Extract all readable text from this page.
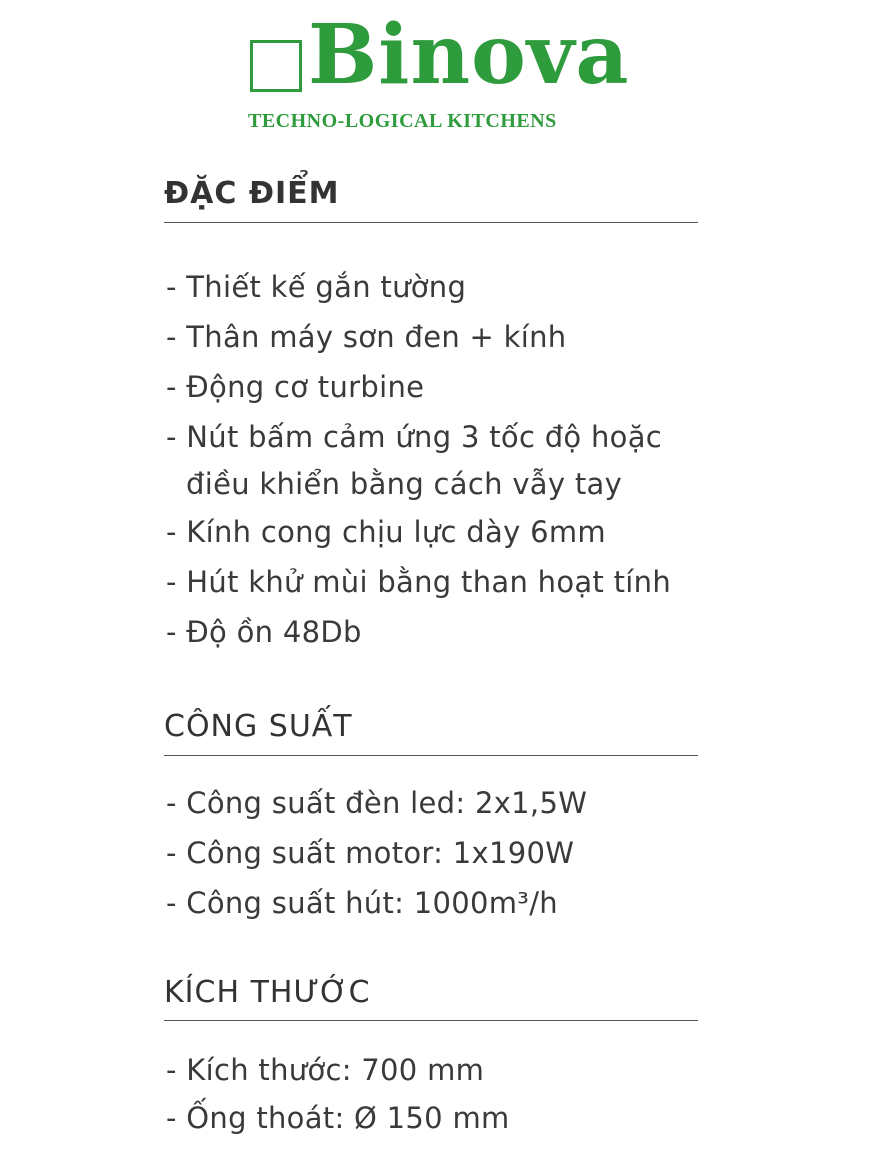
Binova
TECHNO-LOGICAL KITCHENS
ĐẶC ĐIỂM
- Thiết kế gắn tường
- Thân máy sơn đen + kính
- Động cơ turbine
- Nút bấm cảm ứng 3 tốc độ hoặc
điều khiển bằng cách vẫy tay
- Kính cong chịu lực dày 6mm
- Hút khử mùi bằng than hoạt tính
- Độ ồn 48Db
CÔNG SUẤT
- Công suất đèn led: 2x1,5W
- Công suất motor: 1x190W
- Công suất hút: 1000m³/h
KÍCH THƯỚC
- Kích thước: 700 mm
- Ống thoát: Ø 150 mm
